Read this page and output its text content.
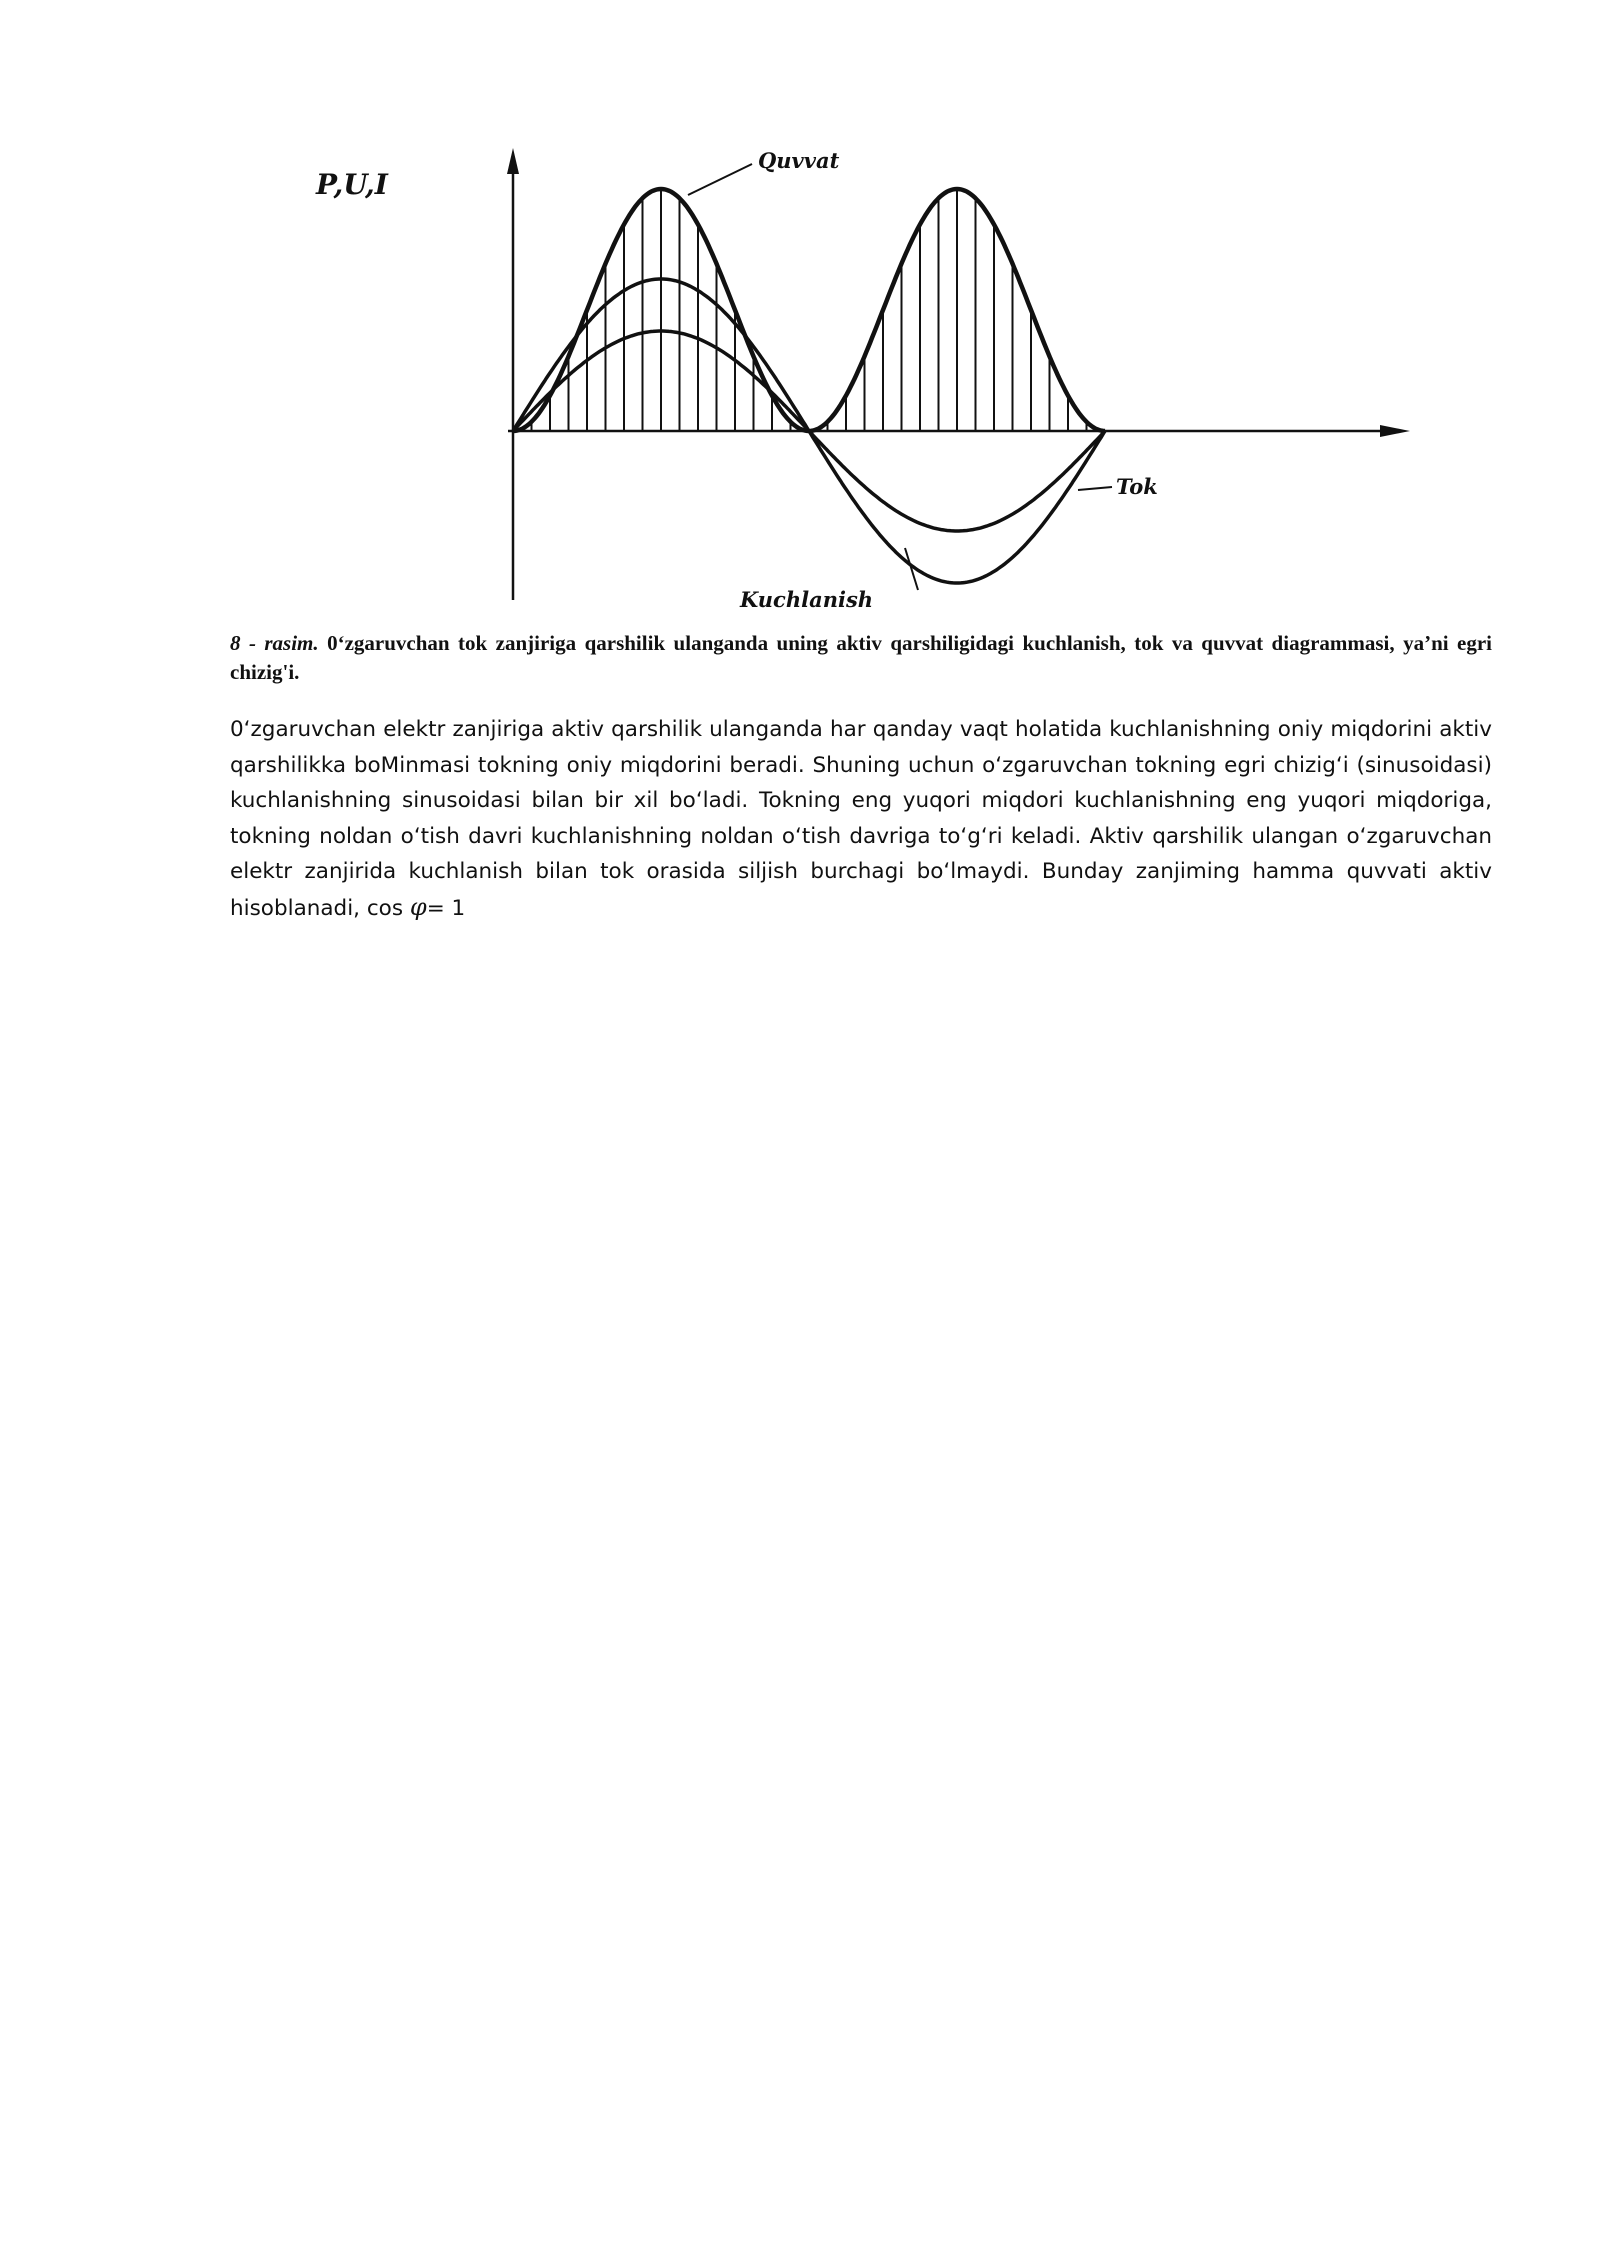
P,U,I
Quvvat
Tok
Kuchlanish

8 - rasim. 0‘zgaruvchan tok zanjiriga qarshilik ulanganda uning aktiv qarshiligidagi kuchlanish, tok va quvvat diagrammasi, ya’ni egri chizig'i.

0ʻzgaruvchan elektr zanjiriga aktiv qarshilik ulanganda har qanday vaqt holatida kuchlanishning oniy miqdorini aktiv qarshilikka boMinmasi tokning oniy miqdorini beradi. Shuning uchun oʻzgaruvchan tokning egri chizigʻi (sinusoidasi) kuchlanishning sinusoidasi bilan bir xil boʻladi. Tokning eng yuqori miqdori kuchlanishning eng yuqori miqdoriga, tokning noldan oʻtish davri kuchlanishning noldan oʻtish davriga toʻgʻri keladi. Aktiv qarshilik ulangan oʻzgaruvchan elektr zanjirida kuchlanish bilan tok orasida siljish burchagi boʻlmaydi. Bunday zanjiming hamma quvvati aktiv hisoblanadi, cos φ= 1
